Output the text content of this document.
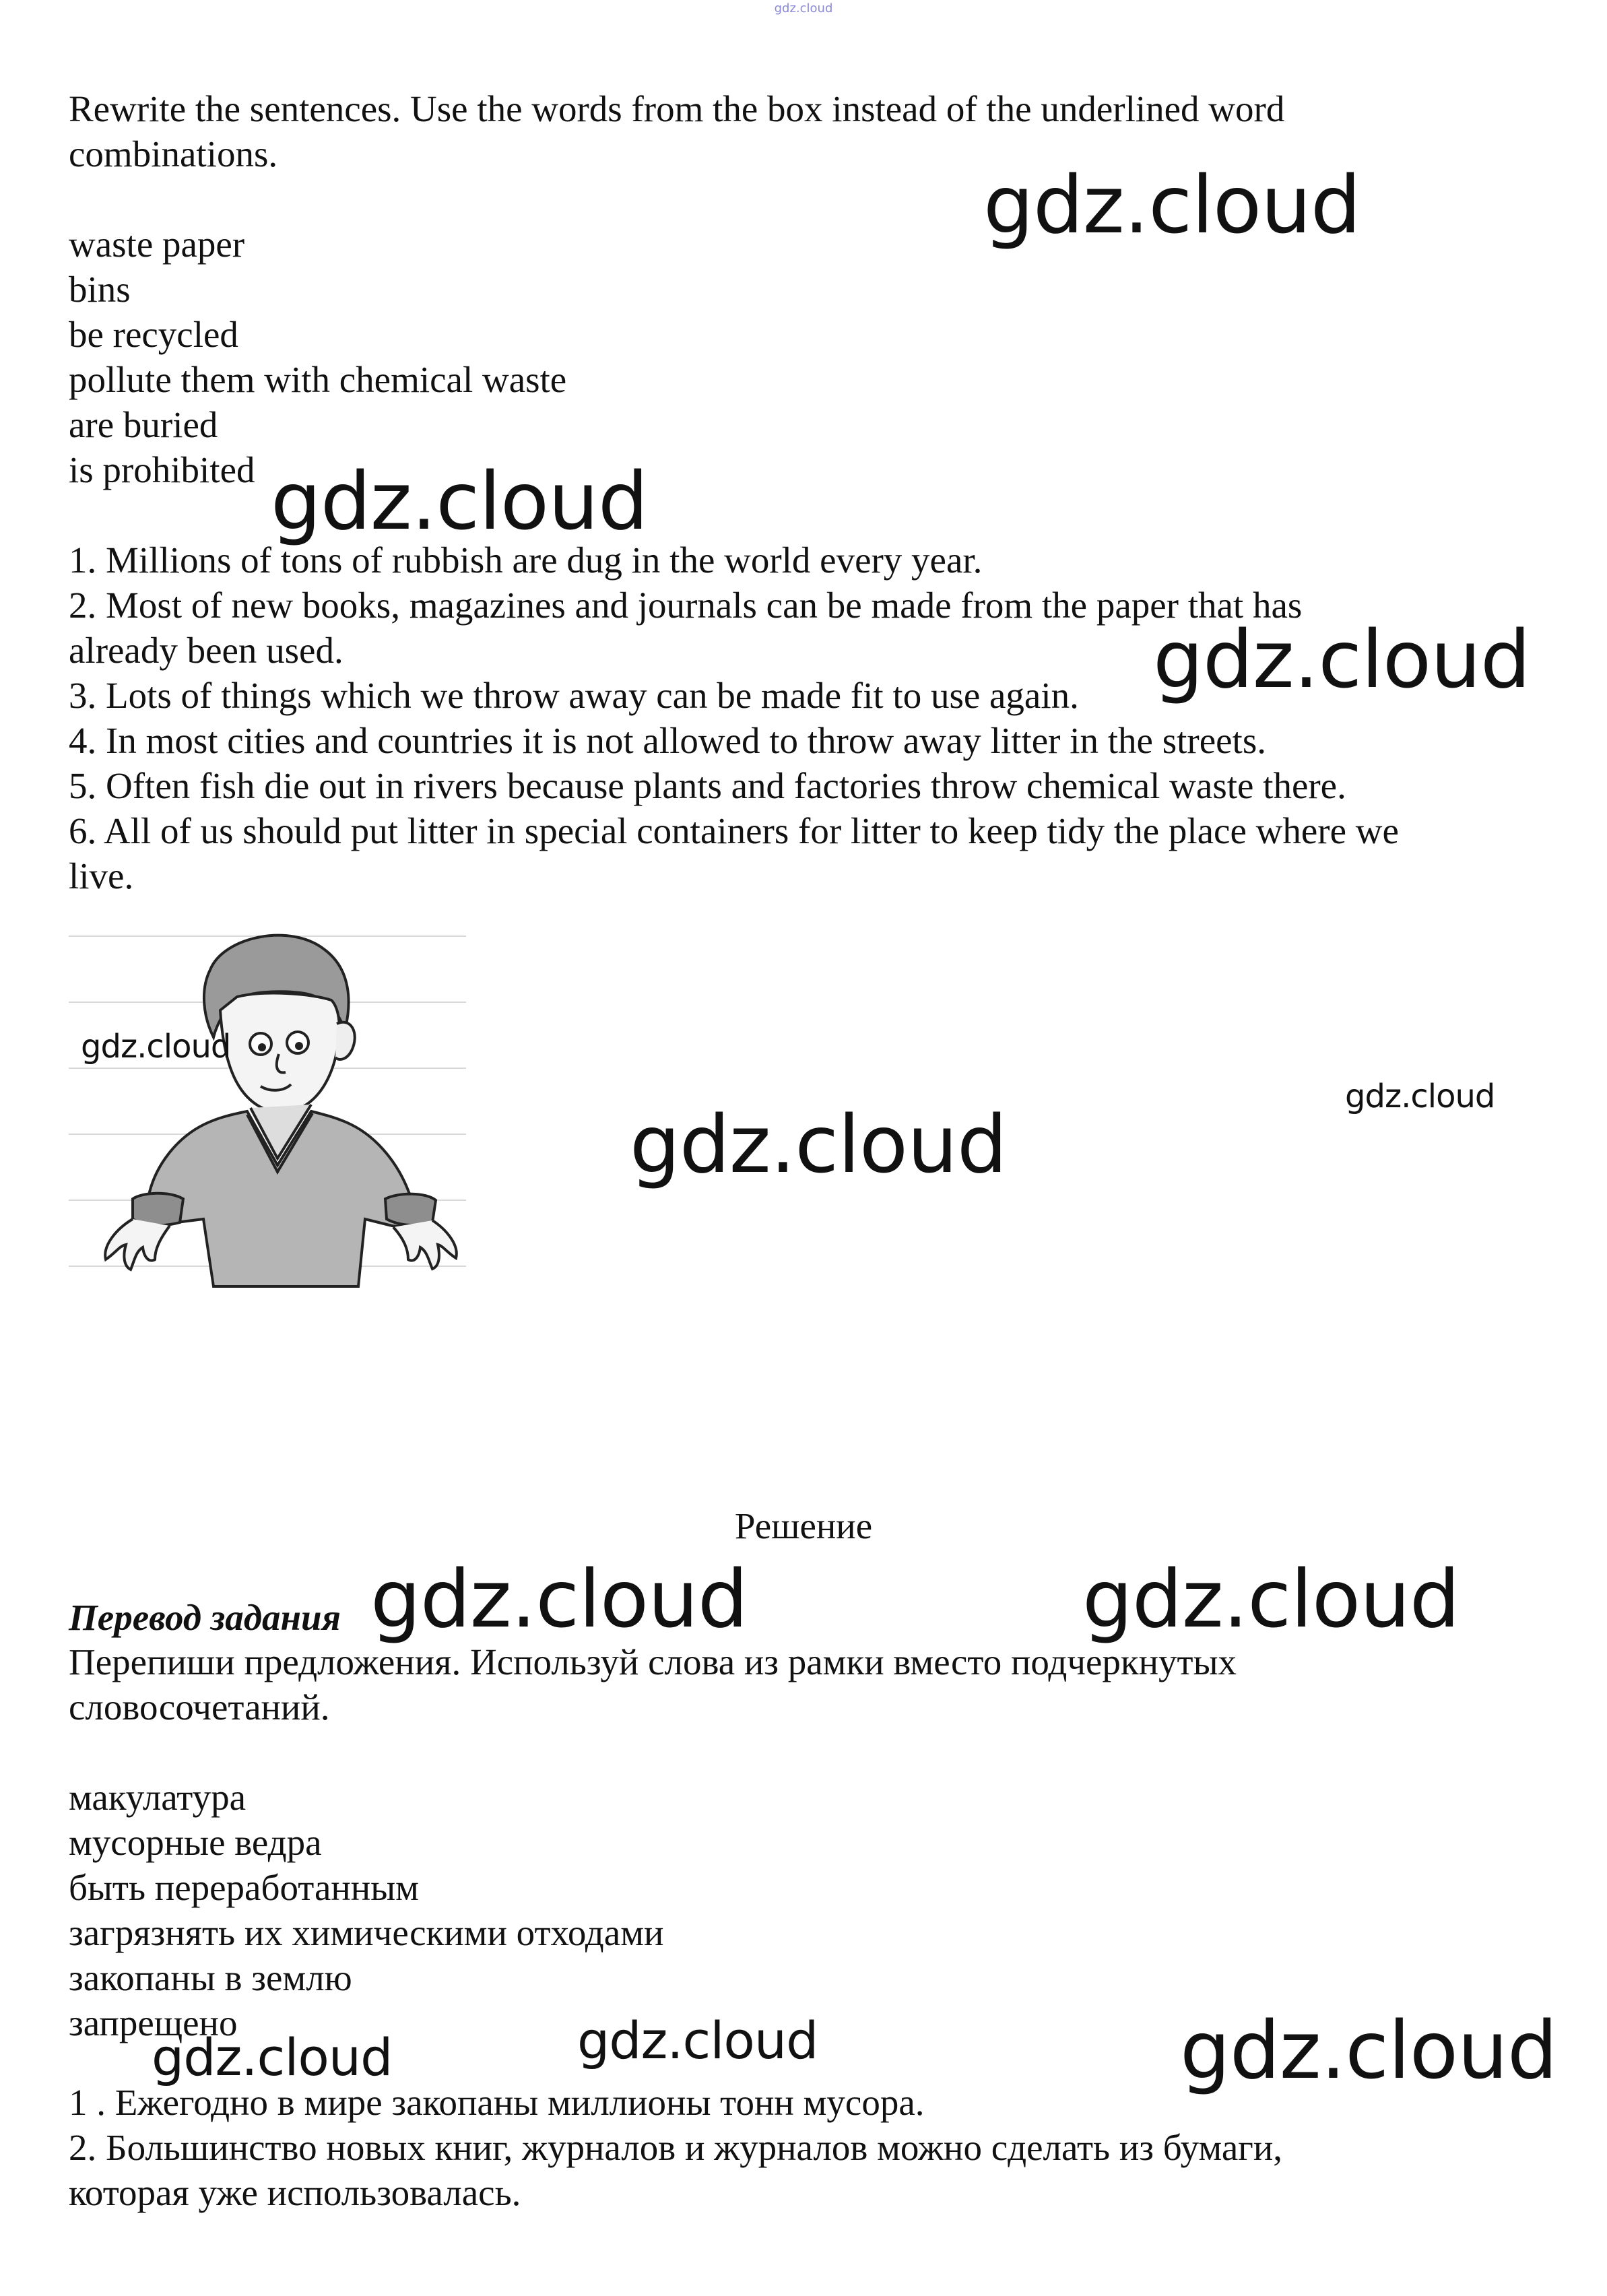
gdz.cloud
Rewrite the sentences. Use the words from the box instead of the underlined word
combinations.
waste paper
bins
be recycled
pollute them with chemical waste
are buried
is prohibited
1. Millions of tons of rubbish are dug in the world every year.
2. Most of new books, magazines and journals can be made from the paper that has
already been used.
3. Lots of things which we throw away can be made fit to use again.
4. In most cities and countries it is not allowed to throw away litter in the streets.
5. Often fish die out in rivers because plants and factories throw chemical waste there.
6. All of us should put litter in special containers for litter to keep tidy the place where we
live.
Решение
Перевод задания
Перепиши предложения. Используй слова из рамки вместо подчеркнутых
словосочетаний.
макулатура
мусорные ведра
быть переработанным
загрязнять их химическими отходами
закопаны в землю
запрещено
1 . Ежегодно в мире закопаны миллионы тонн мусора.
2. Большинство новых книг, журналов и журналов можно сделать из бумаги,
которая уже использовалась.
gdz.cloud
gdz.cloud
gdz.cloud
gdz.cloud
gdz.cloud
gdz.cloud
gdz.cloud	gdz.cloud
gdz.cloud	gdz.cloud	gdz.cloud
